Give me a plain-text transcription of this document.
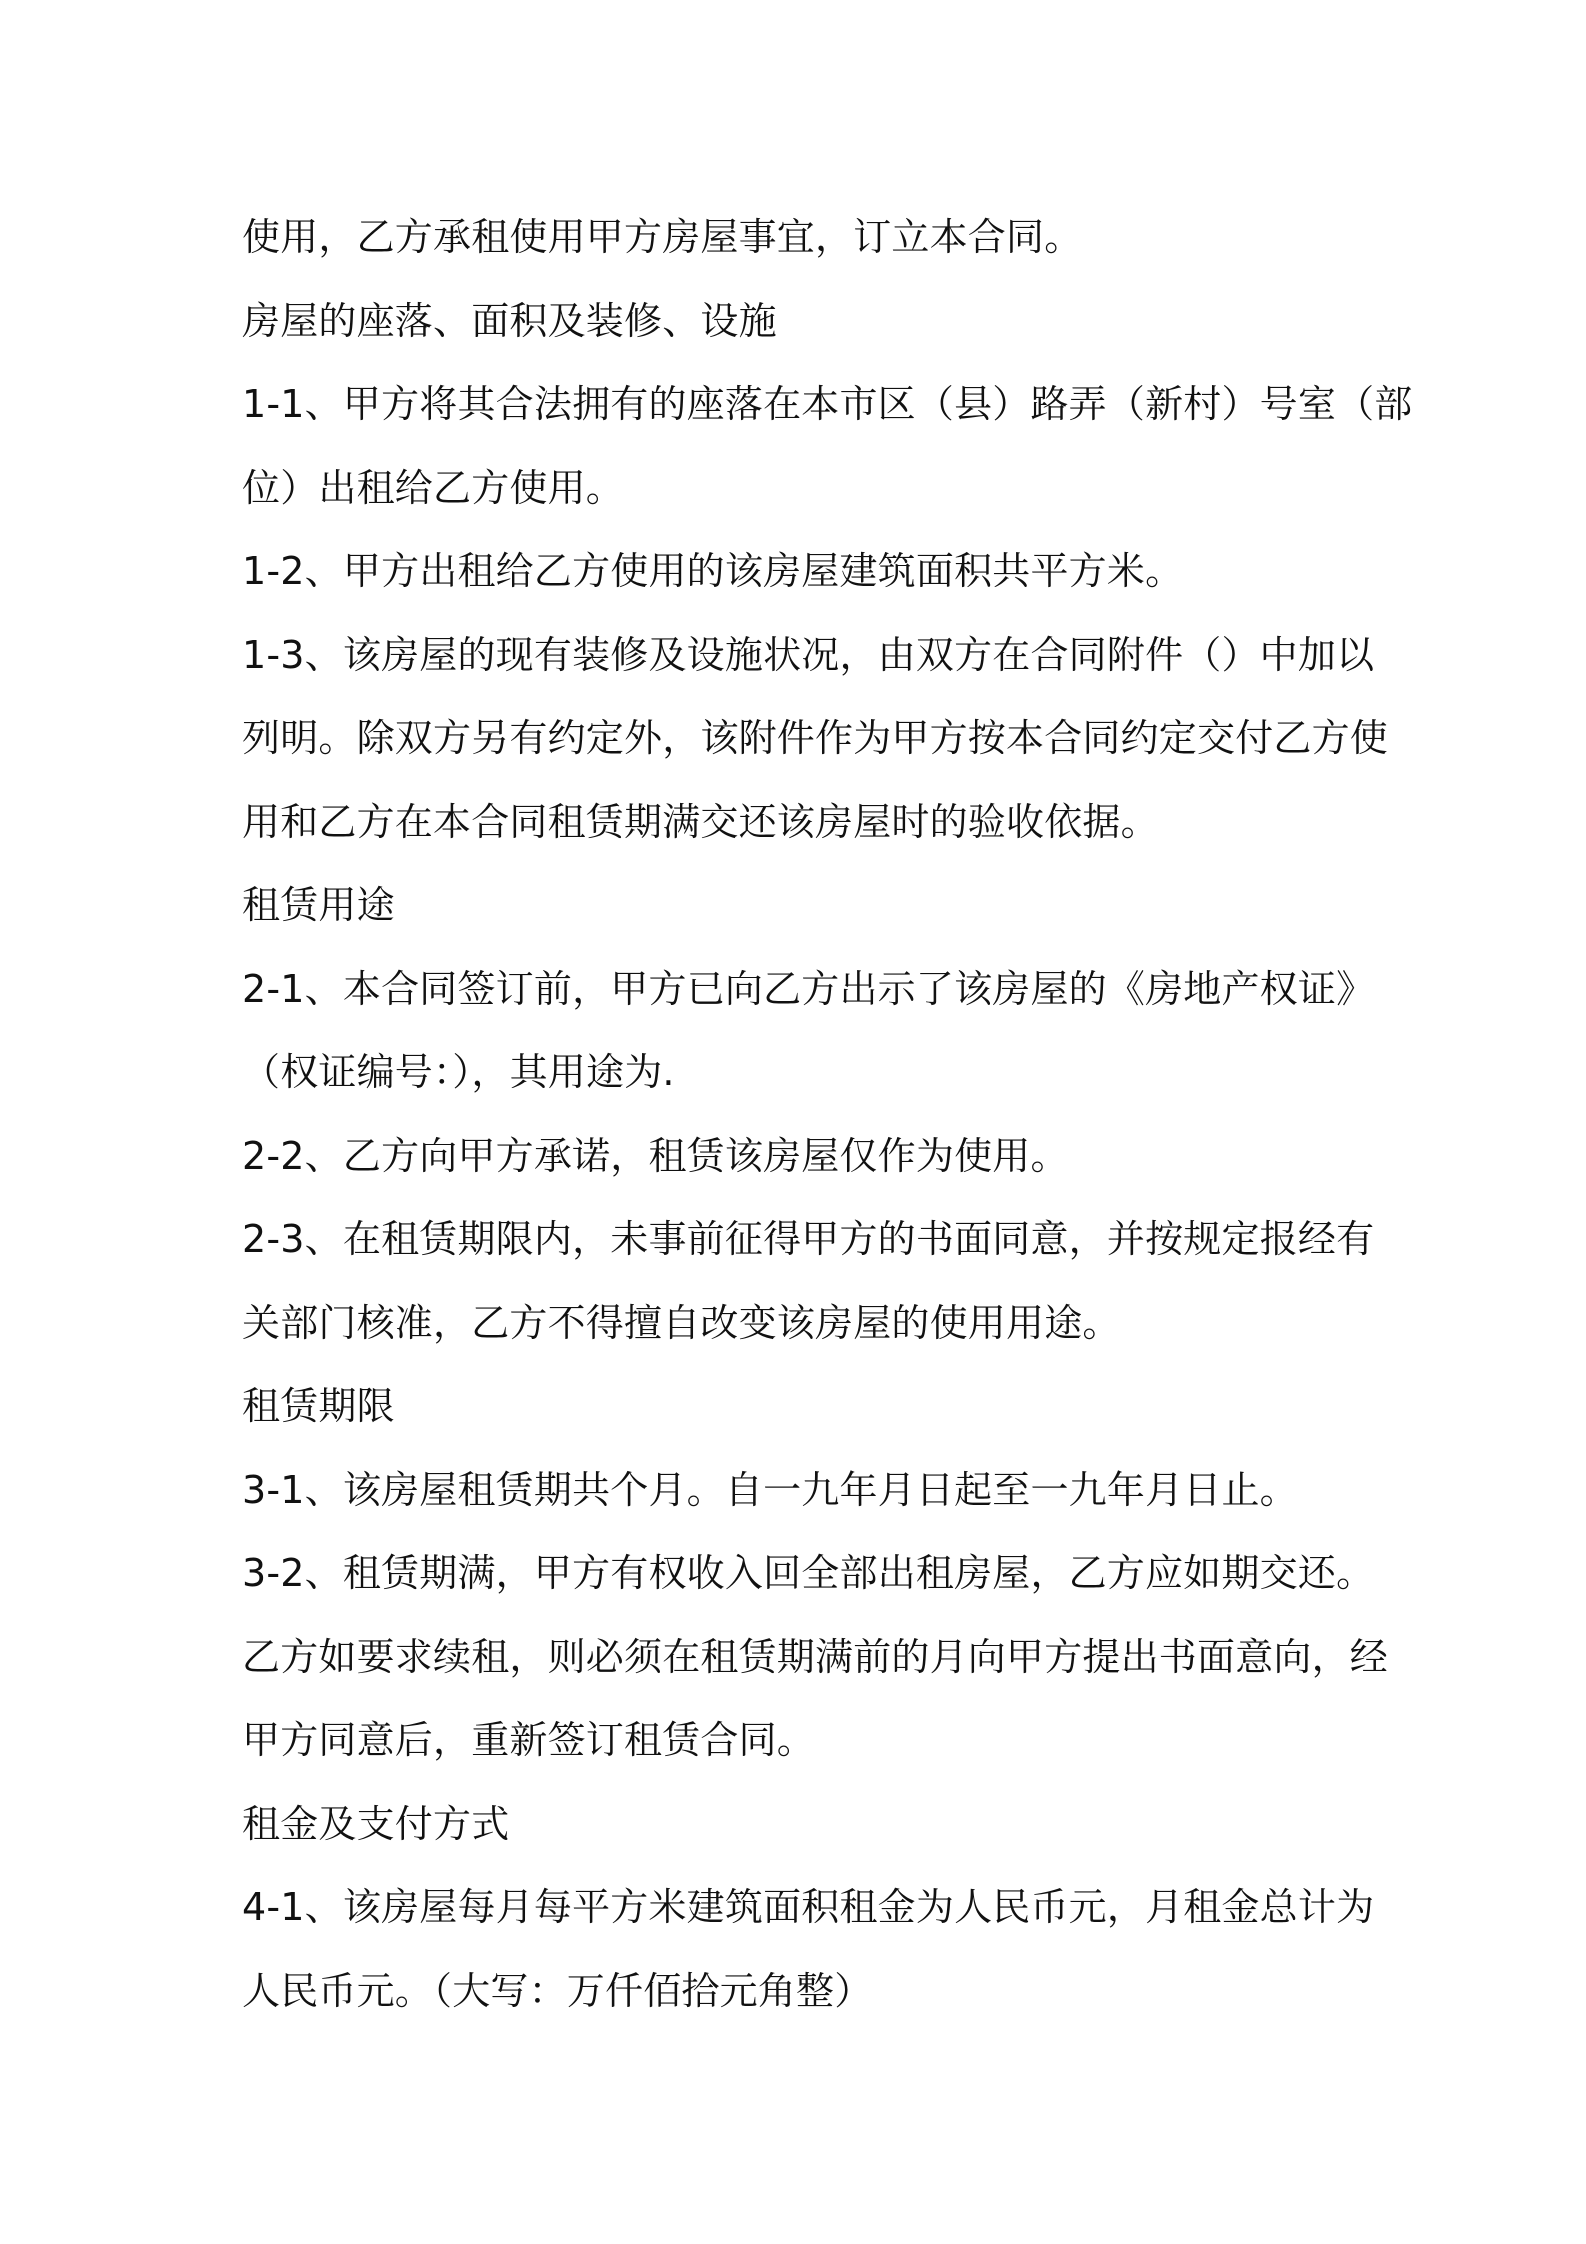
使用，乙方承租使用甲方房屋事宜，订立本合同。
房屋的座落、面积及装修、设施
1-1、甲方将其合法拥有的座落在本市区（县）路弄（新村）号室（部
位）出租给乙方使用。
1-2、甲方出租给乙方使用的该房屋建筑面积共平方米。
1-3、该房屋的现有装修及设施状况，由双方在合同附件（）中加以
列明。除双方另有约定外，该附件作为甲方按本合同约定交付乙方使
用和乙方在本合同租赁期满交还该房屋时的验收依据。
租赁用途
2-1、本合同签订前，甲方已向乙方出示了该房屋的《房地产权证》
（权证编号：），其用途为.
2-2、乙方向甲方承诺，租赁该房屋仅作为使用。
2-3、在租赁期限内，未事前征得甲方的书面同意，并按规定报经有
关部门核准，乙方不得擅自改变该房屋的使用用途。
租赁期限
3-1、该房屋租赁期共个月。自一九年月日起至一九年月日止。
3-2、租赁期满，甲方有权收入回全部出租房屋，乙方应如期交还。
乙方如要求续租，则必须在租赁期满前的月向甲方提出书面意向，经
甲方同意后，重新签订租赁合同。
租金及支付方式
4-1、该房屋每月每平方米建筑面积租金为人民币元，月租金总计为
人民币元。（大写：万仟佰拾元角整）
